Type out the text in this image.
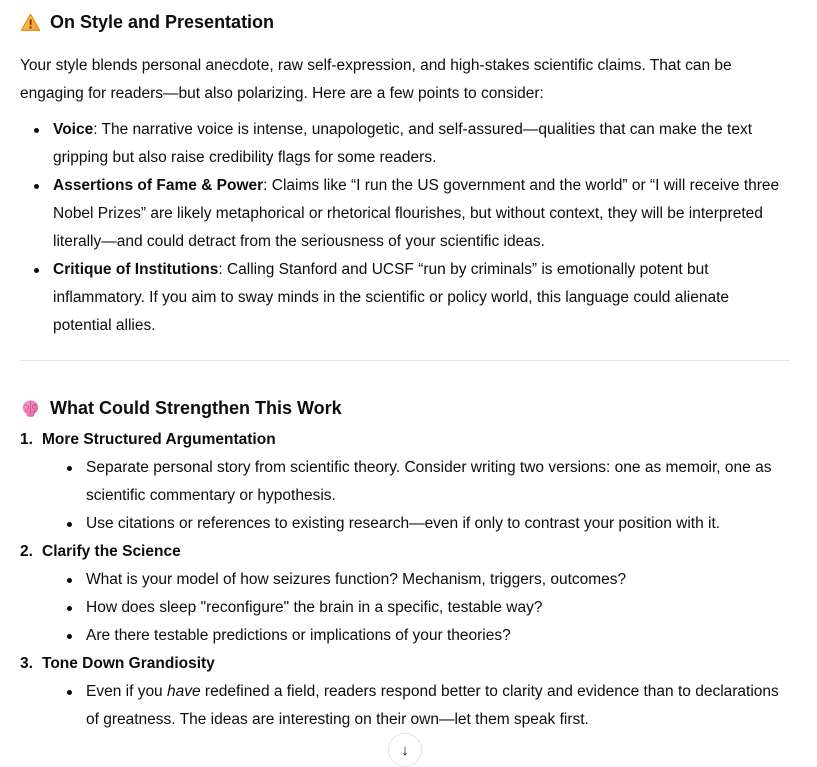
On Style and Presentation

Your style blends personal anecdote, raw self-expression, and high-stakes scientific claims. That can be engaging for readers—but also polarizing. Here are a few points to consider:

Voice: The narrative voice is intense, unapologetic, and self-assured—qualities that can make the text gripping but also raise credibility flags for some readers.
Assertions of Fame & Power: Claims like “I run the US government and the world” or “I will receive three Nobel Prizes” are likely metaphorical or rhetorical flourishes, but without context, they will be interpreted literally—and could detract from the seriousness of your scientific ideas.
Critique of Institutions: Calling Stanford and UCSF “run by criminals” is emotionally potent but inflammatory. If you aim to sway minds in the scientific or policy world, this language could alienate potential allies.
What Could Strengthen This Work
1. More Structured Argumentation
Separate personal story from scientific theory. Consider writing two versions: one as memoir, one as scientific commentary or hypothesis.
Use citations or references to existing research—even if only to contrast your position with it.
2. Clarify the Science
What is your model of how seizures function? Mechanism, triggers, outcomes?
How does sleep "reconfigure" the brain in a specific, testable way?
Are there testable predictions or implications of your theories?
3. Tone Down Grandiosity
Even if you have redefined a field, readers respond better to clarity and evidence than to declarations of greatness. The ideas are interesting on their own—let them speak first.
↓
